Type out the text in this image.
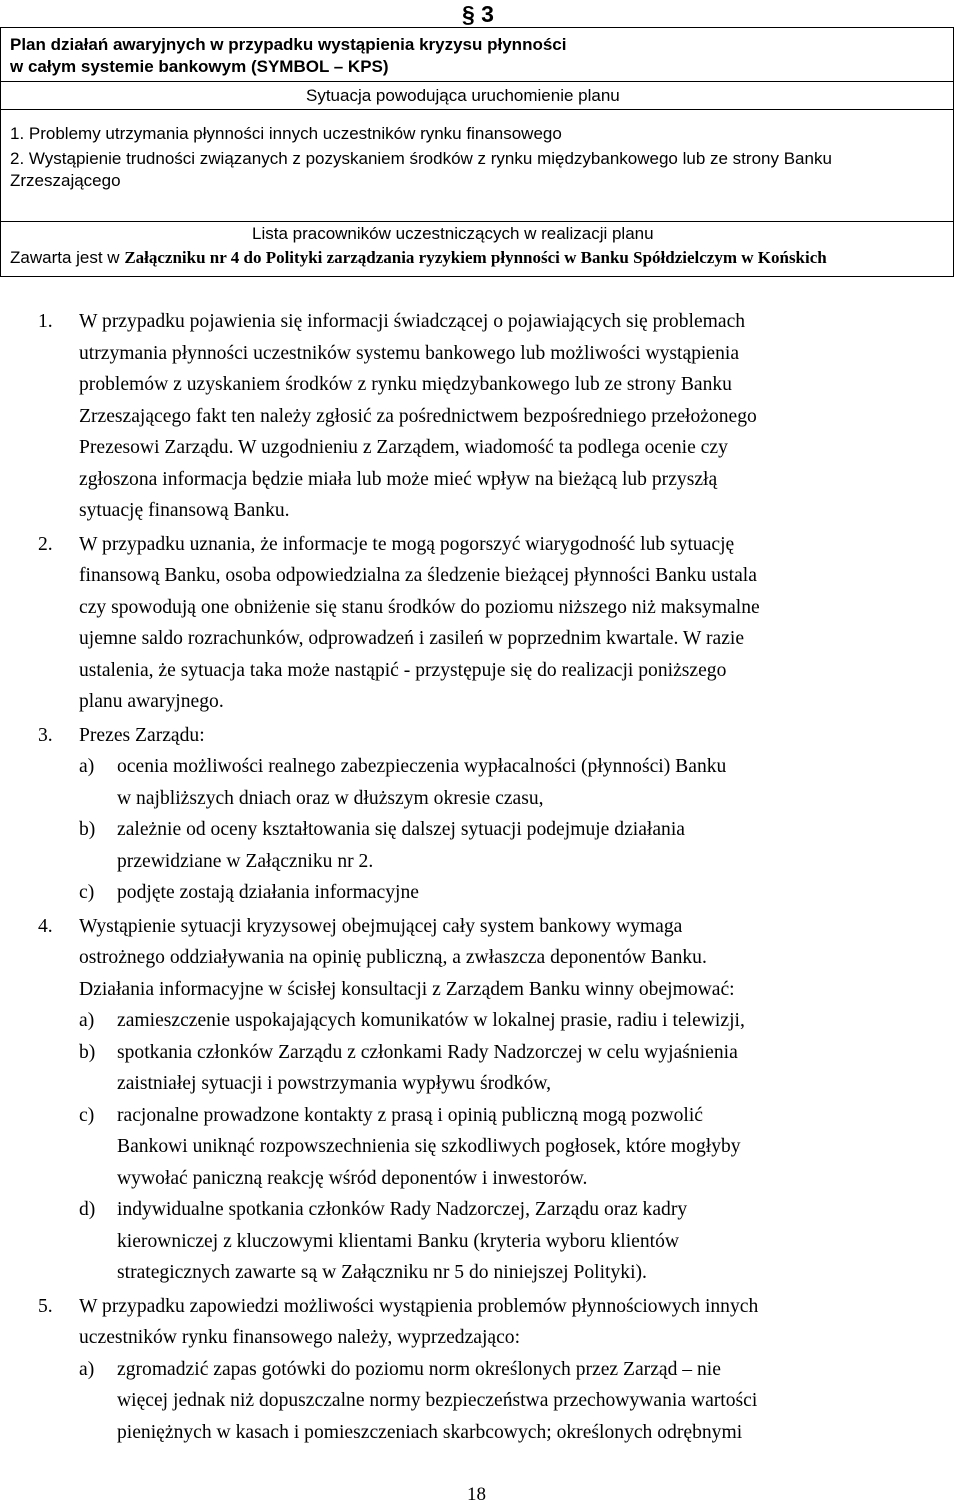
§ 3
Plan działań awaryjnych w przypadku wystąpienia kryzysu płynności
w całym systemie bankowym (SYMBOL – KPS)
Sytuacja powodująca uruchomienie planu

1. Problemy utrzymania płynności innych uczestników rynku finansowego

2. Wystąpienie trudności związanych z pozyskaniem środków z rynku międzybankowego lub ze strony Banku
Zrzeszającego

Lista pracowników uczestniczących w realizacji planu
Zawarta jest w Załączniku nr 4 do Polityki zarządzania ryzykiem płynności w Banku Spółdzielczym w Końskich
1. W przypadku pojawienia się informacji świadczącej o pojawiających się problemach
utrzymania płynności uczestników systemu bankowego lub możliwości wystąpienia
problemów z uzyskaniem środków z rynku międzybankowego lub ze strony Banku
Zrzeszającego fakt ten należy zgłosić za pośrednictwem bezpośredniego przełożonego
Prezesowi Zarządu. W uzgodnieniu z Zarządem, wiadomość ta podlega ocenie czy
zgłoszona informacja będzie miała lub może mieć wpływ na bieżącą lub przyszłą
sytuację finansową Banku.
2. W przypadku uznania, że informacje te mogą pogorszyć wiarygodność lub sytuację
finansową Banku, osoba odpowiedzialna za śledzenie bieżącej płynności Banku ustala
czy spowodują one obniżenie się stanu środków do poziomu niższego niż maksymalne
ujemne saldo rozrachunków, odprowadzeń i zasileń w poprzednim kwartale. W razie
ustalenia, że sytuacja taka może nastąpić - przystępuje się do realizacji poniższego
planu awaryjnego.
3. Prezes Zarządu:
a) ocenia możliwości realnego zabezpieczenia wypłacalności (płynności) Banku
w najbliższych dniach oraz w dłuższym okresie czasu,
b) zależnie od oceny kształtowania się dalszej sytuacji podejmuje działania
przewidziane w Załączniku nr 2.
c) podjęte zostają działania informacyjne
4. Wystąpienie sytuacji kryzysowej obejmującej cały system bankowy wymaga
ostrożnego oddziaływania na opinię publiczną, a zwłaszcza deponentów Banku.
Działania informacyjne w ścisłej konsultacji z Zarządem Banku winny obejmować:
a) zamieszczenie uspokajających komunikatów w lokalnej prasie, radiu i telewizji,
b) spotkania członków Zarządu z członkami Rady Nadzorczej w celu wyjaśnienia
zaistniałej sytuacji i powstrzymania wypływu środków,
c) racjonalne prowadzone kontakty z prasą i opinią publiczną mogą pozwolić
Bankowi uniknąć rozpowszechnienia się szkodliwych pogłosek, które mogłyby
wywołać paniczną reakcję wśród deponentów i inwestorów.
d) indywidualne spotkania członków Rady Nadzorczej, Zarządu oraz kadry
kierowniczej z kluczowymi klientami Banku (kryteria wyboru klientów
strategicznych zawarte są w Załączniku nr 5 do niniejszej Polityki).
5. W przypadku zapowiedzi możliwości wystąpienia problemów płynnościowych innych
uczestników rynku finansowego należy, wyprzedzająco:
a) zgromadzić zapas gotówki do poziomu norm określonych przez Zarząd – nie
więcej jednak niż dopuszczalne normy bezpieczeństwa przechowywania wartości
pieniężnych w kasach i pomieszczeniach skarbcowych; określonych odrębnymi
18
